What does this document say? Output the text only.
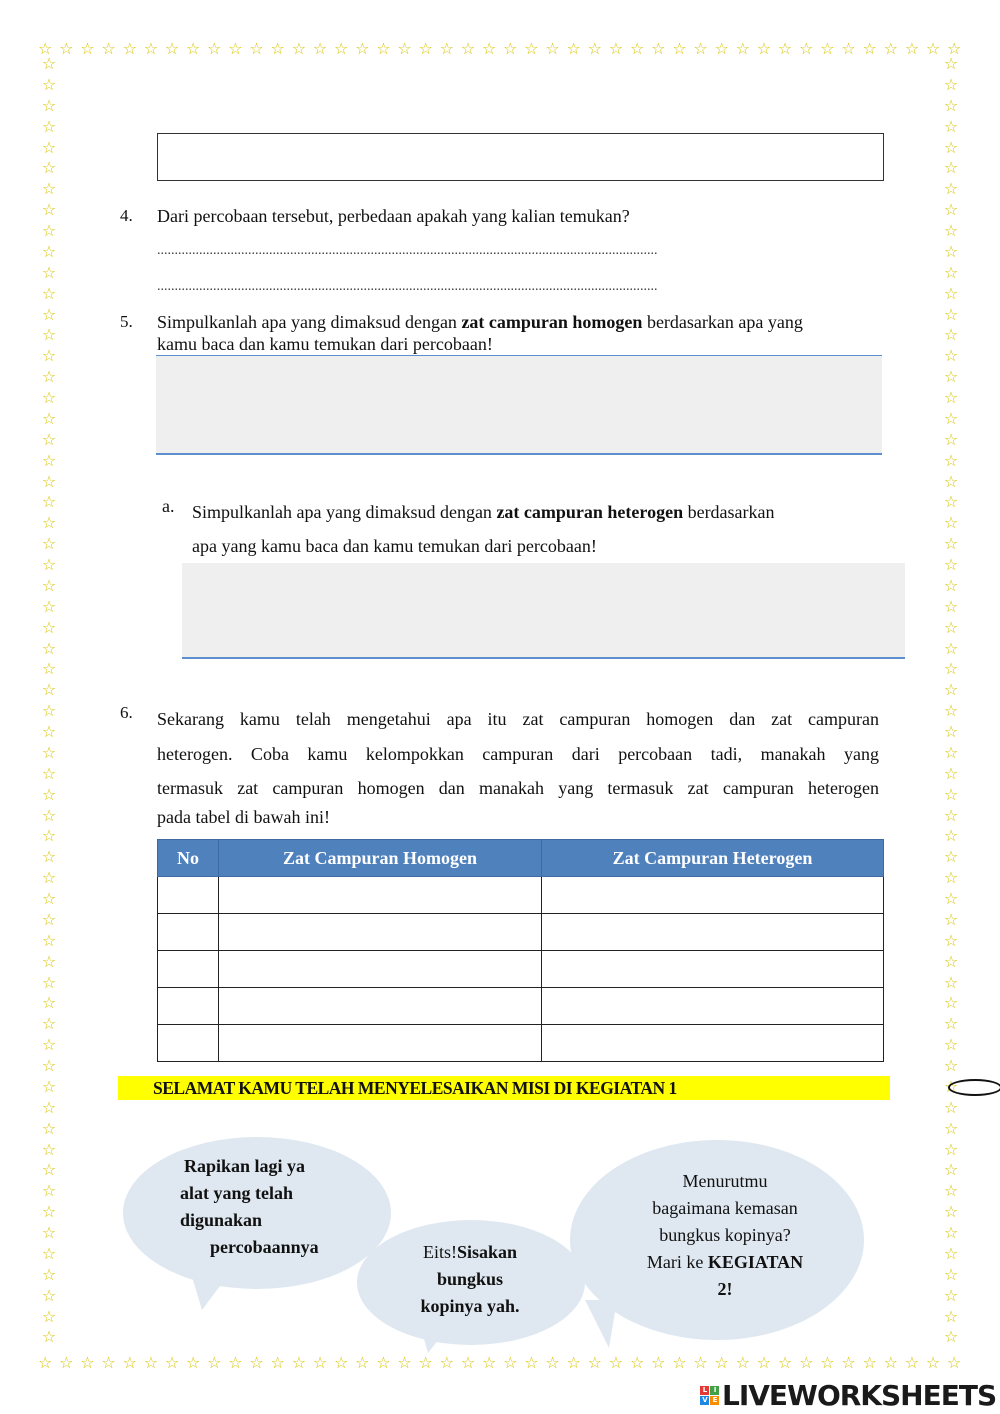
☆ ☆ ☆ ☆ ☆ ☆ ☆ ☆ ☆ ☆ ☆ ☆ ☆ ☆ ☆ ☆ ☆ ☆ ☆ ☆ ☆ ☆ ☆ ☆ ☆ ☆ ☆ ☆ ☆ ☆ ☆ ☆ ☆ ☆ ☆ ☆ ☆ ☆ ☆ ☆ ☆ ☆ ☆ ☆
☆ ☆ ☆ ☆ ☆ ☆ ☆ ☆ ☆ ☆ ☆ ☆ ☆ ☆ ☆ ☆ ☆ ☆ ☆ ☆ ☆ ☆ ☆ ☆ ☆ ☆ ☆ ☆ ☆ ☆ ☆ ☆ ☆ ☆ ☆ ☆ ☆ ☆ ☆ ☆ ☆ ☆ ☆ ☆
☆
☆
☆
☆
☆
☆
☆
☆
☆
☆
☆
☆
☆
☆
☆
☆
☆
☆
☆
☆
☆
☆
☆
☆
☆
☆
☆
☆
☆
☆
☆
☆
☆
☆
☆
☆
☆
☆
☆
☆
☆
☆
☆
☆
☆
☆
☆
☆
☆
☆
☆
☆
☆
☆
☆
☆
☆
☆
☆
☆
☆
☆
☆
☆
☆
☆
☆
☆
☆
☆
☆
☆
☆
☆
☆
☆
☆
☆
☆
☆
☆
☆
☆
☆
☆
☆
☆
☆
☆
☆
☆
☆
☆
☆
☆
☆
☆
☆
☆
☆
☆
☆
☆
☆
☆
☆
☆
☆
☆
☆
☆
☆
☆
☆
☆
☆
☆
☆
☆
☆
☆
☆
☆
☆
4. Dari percobaan tersebut, perbedaan apakah yang kalian temukan?
...............................................................................................................................................
...............................................................................................................................................
5. Simpulkanlah apa yang dimaksud dengan zat campuran homogen berdasarkan apa yang
kamu baca dan kamu temukan dari percobaan!
a. Simpulkanlah apa yang dimaksud dengan zat campuran heterogen berdasarkan
apa yang kamu baca dan kamu temukan dari percobaan!
6. Sekarang kamu telah mengetahui apa itu zat campuran homogen dan zat campuran
heterogen. Coba kamu kelompokkan campuran dari percobaan tadi, manakah yang
termasuk zat campuran homogen dan manakah yang termasuk zat campuran heterogen
pada tabel di bawah ini!
No	Zat Campuran Homogen	Zat Campuran Heterogen

SELAMAT KAMU TELAH MENYELESAIKAN MISI DI KEGIATAN 1
Rapikan lagi ya
alat yang telah
digunakan
percobaannya	Eits!Sisakan
bungkus
kopinya yah.
Menurutmu
bagaimana kemasan
bungkus kopinya?
Mari ke KEGIATAN
2!
L	I
V E LIVEWORKSHEETS
